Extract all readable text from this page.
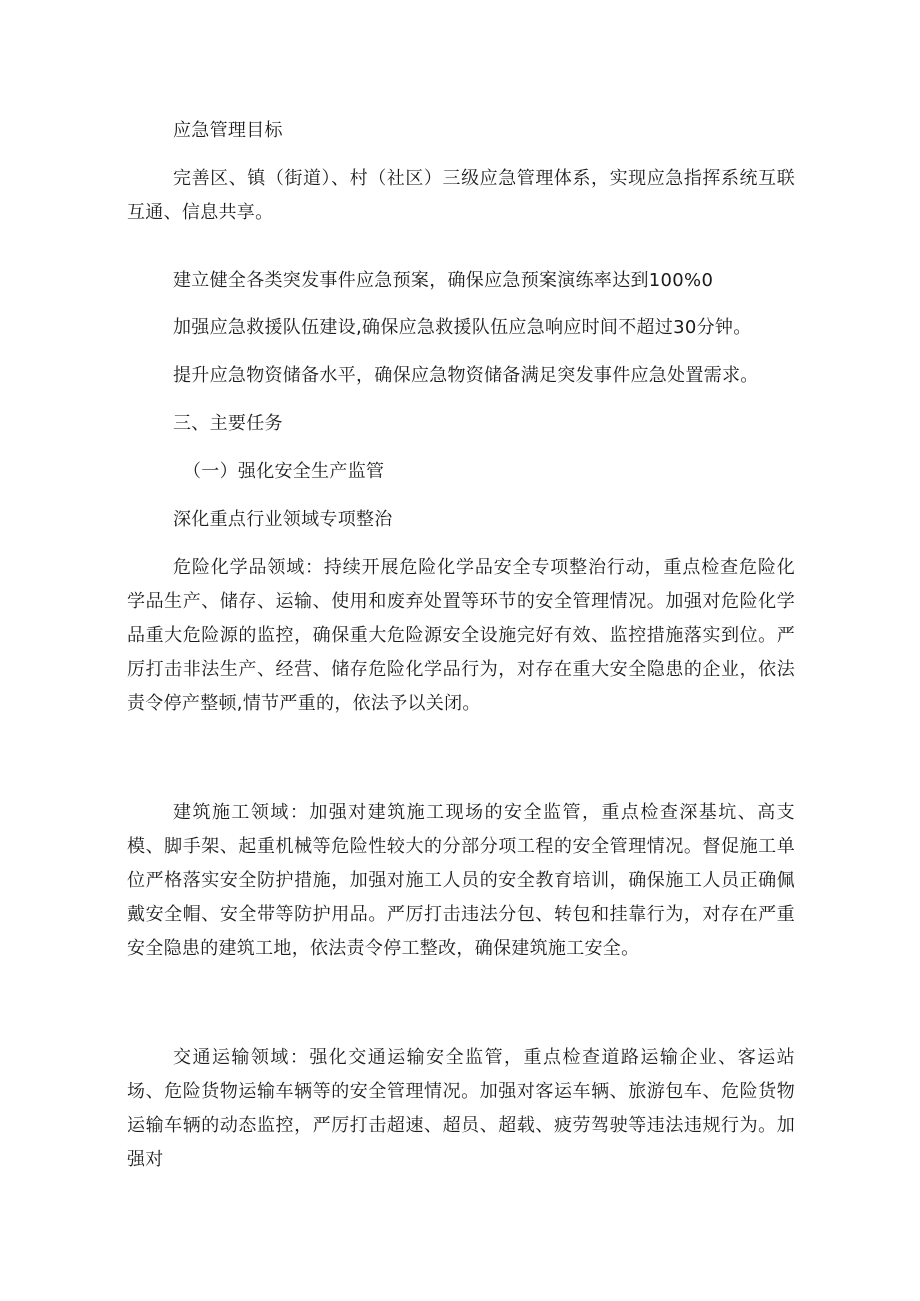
应急管理目标

完善区、镇（街道）、村（社区）三级应急管理体系，实现应急指挥系统互联互通、信息共享。

建立健全各类突发事件应急预案，确保应急预案演练率达到100%0

加强应急救援队伍建设,确保应急救援队伍应急响应时间不超过30分钟。

提升应急物资储备水平，确保应急物资储备满足突发事件应急处置需求。

三、主要任务

（一）强化安全生产监管

深化重点行业领域专项整治

危险化学品领域：持续开展危险化学品安全专项整治行动，重点检查危险化学品生产、储存、运输、使用和废弃处置等环节的安全管理情况。加强对危险化学品重大危险源的监控，确保重大危险源安全设施完好有效、监控措施落实到位。严厉打击非法生产、经营、储存危险化学品行为，对存在重大安全隐患的企业，依法责令停产整顿,情节严重的，依法予以关闭。

建筑施工领域：加强对建筑施工现场的安全监管，重点检查深基坑、高支模、脚手架、起重机械等危险性较大的分部分项工程的安全管理情况。督促施工单位严格落实安全防护措施，加强对施工人员的安全教育培训，确保施工人员正确佩戴安全帽、安全带等防护用品。严厉打击违法分包、转包和挂靠行为，对存在严重安全隐患的建筑工地，依法责令停工整改，确保建筑施工安全。

交通运输领域：强化交通运输安全监管，重点检查道路运输企业、客运站场、危险货物运输车辆等的安全管理情况。加强对客运车辆、旅游包车、危险货物运输车辆的动态监控，严厉打击超速、超员、超载、疲劳驾驶等违法违规行为。加强对
